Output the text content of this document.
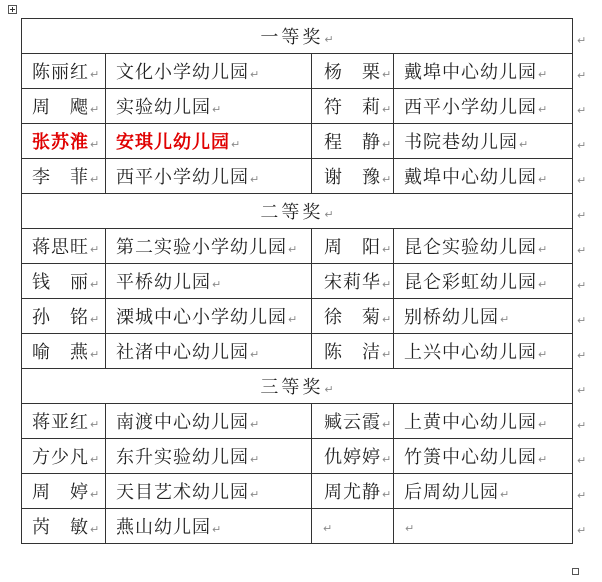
一等奖↵			
陈丽红↵	文化小学幼儿园↵	杨　栗↵	戴埠中心幼儿园↵
周　飔↵	实验幼儿园↵	符　莉↵	西平小学幼儿园↵
张苏淮↵	安琪儿幼儿园↵	程　静↵	书院巷幼儿园↵
李　菲↵	西平小学幼儿园↵	谢　豫↵	戴埠中心幼儿园↵
二等奖↵			
蒋思旺↵	第二实验小学幼儿园↵	周　阳↵	昆仑实验幼儿园↵
钱　丽↵	平桥幼儿园↵	宋莉华↵	昆仑彩虹幼儿园↵
孙　铭↵	溧城中心小学幼儿园↵	徐　菊↵	别桥幼儿园↵
喻　燕↵	社渚中心幼儿园↵	陈　洁↵	上兴中心幼儿园↵
三等奖↵			
蒋亚红↵	南渡中心幼儿园↵	臧云霞↵	上黄中心幼儿园↵
方少凡↵	东升实验幼儿园↵	仇婷婷↵	竹箦中心幼儿园↵
周　婷↵	天目艺术幼儿园↵	周尤静↵	后周幼儿园↵
芮　敏↵	燕山幼儿园↵	↵	↵
↵
↵
↵
↵
↵
↵
↵
↵
↵
↵
↵
↵
↵
↵
↵
